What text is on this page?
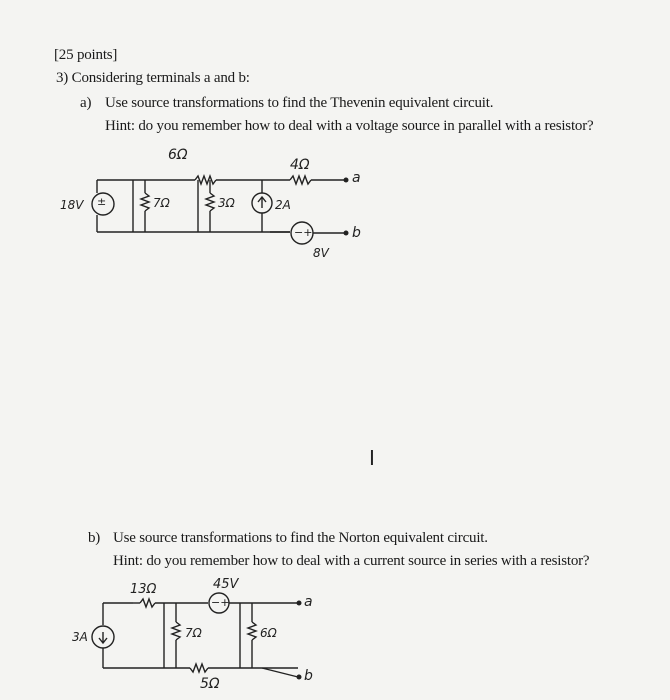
[25 points]
3) Considering terminals a and b:
a) Use source transformations to find the Thevenin equivalent circuit.
Hint: do you remember how to deal with a voltage source in parallel with a resistor?
6Ω
4Ω
a
18V ±	7Ω	3Ω	2A
−+	b
8V
I
b) Use source transformations to find the Norton equivalent circuit.
Hint: do you remember how to deal with a current source in series with a resistor?
13Ω	45V
−+	a
3A	7Ω	6Ω
5Ω	b
